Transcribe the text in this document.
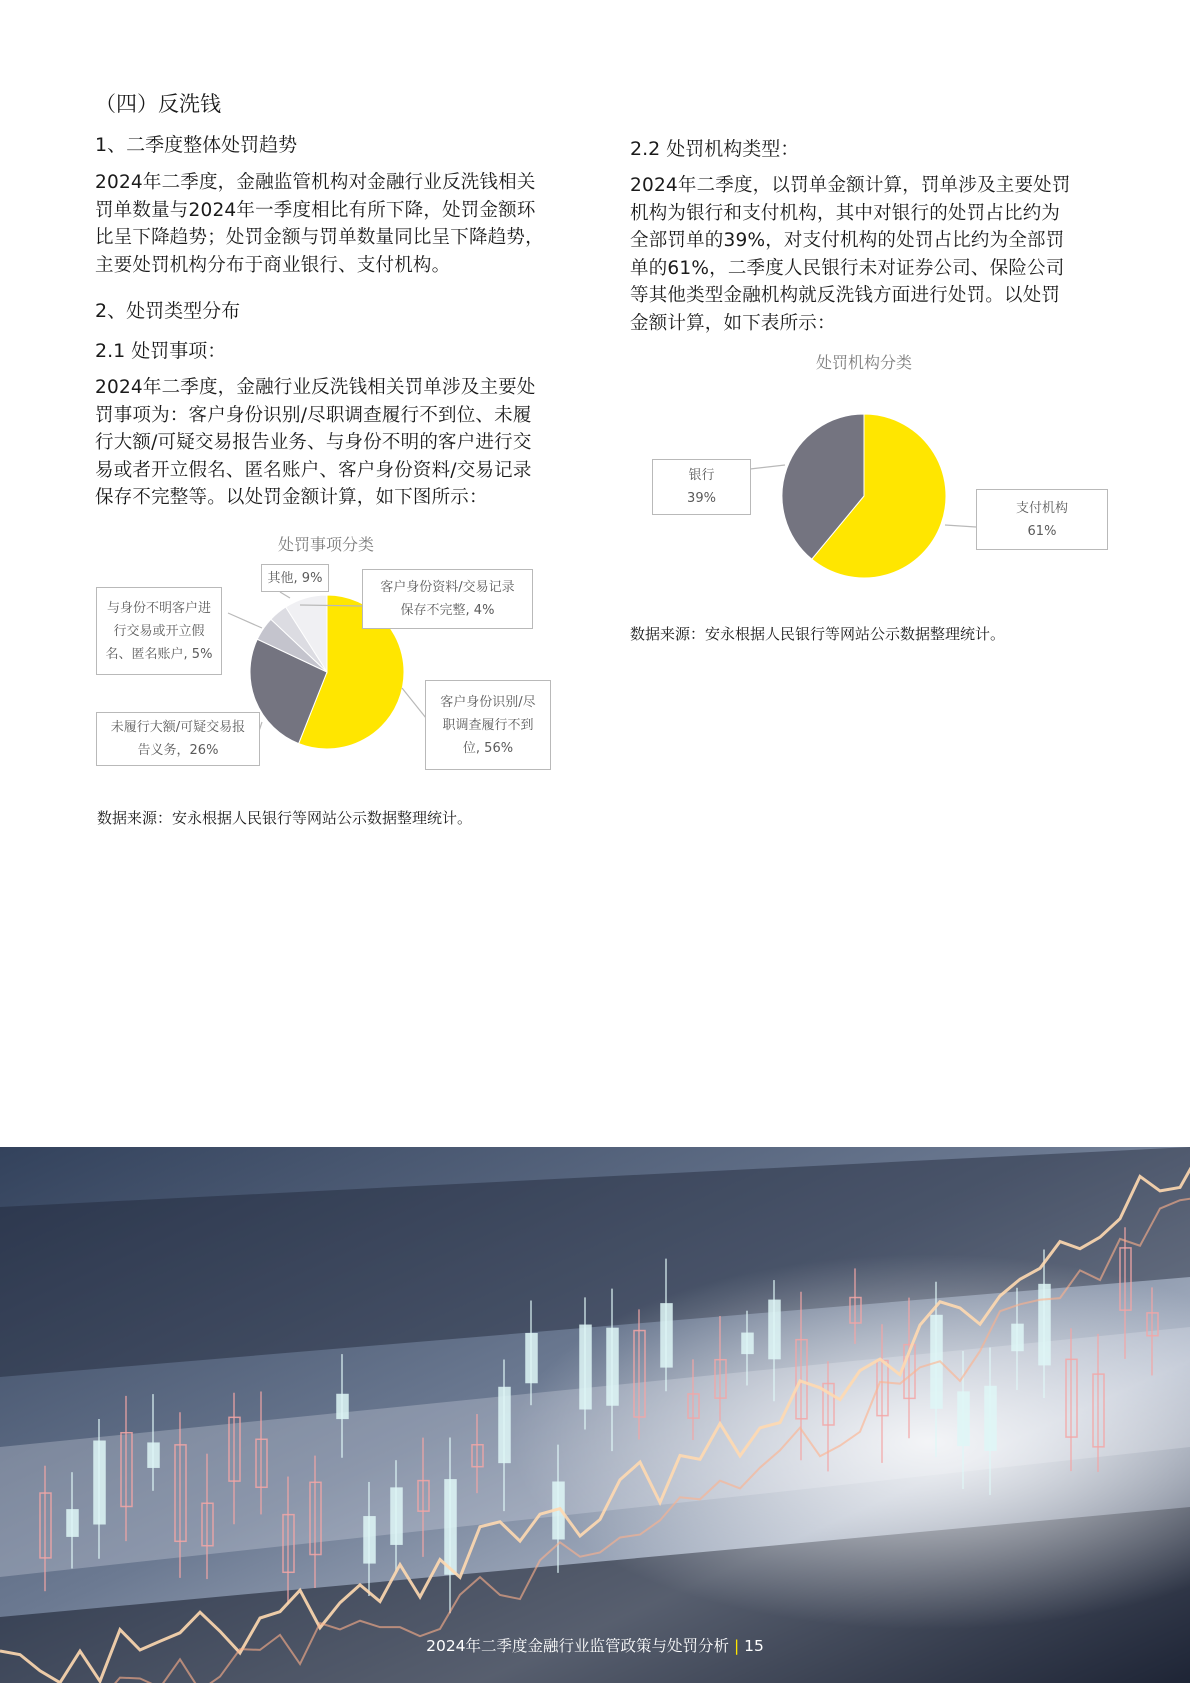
（四）反洗钱
1、二季度整体处罚趋势
2024年二季度，金融监管机构对金融行业反洗钱相关
罚单数量与2024年一季度相比有所下降，处罚金额环
比呈下降趋势；处罚金额与罚单数量同比呈下降趋势，
主要处罚机构分布于商业银行、支付机构。
2、处罚类型分布
2.1 处罚事项：
2024年二季度，金融行业反洗钱相关罚单涉及主要处
罚事项为：客户身份识别/尽职调查履行不到位、未履
行大额/可疑交易报告业务、与身份不明的客户进行交
易或者开立假名、匿名账户、客户身份资料/交易记录
保存不完整等。以处罚金额计算，如下图所示：
处罚事项分类
客户身份识别/尽
职调查履行不到
位, 56%
未履行大额/可疑交易报
告义务，26%
与身份不明客户进
行交易或开立假
名、匿名账户, 5%
客户身份资料/交易记录
保存不完整, 4%
其他, 9%
数据来源：安永根据人民银行等网站公示数据整理统计。
2.2 处罚机构类型：
2024年二季度，以罚单金额计算，罚单涉及主要处罚
机构为银行和支付机构，其中对银行的处罚占比约为
全部罚单的39%，对支付机构的处罚占比约为全部罚
单的61%，二季度人民银行未对证券公司、保险公司
等其他类型金融机构就反洗钱方面进行处罚。以处罚
金额计算，如下表所示：
处罚机构分类
银行
39%
支付机构
61%
数据来源：安永根据人民银行等网站公示数据整理统计。
2024年二季度金融行业监管政策与处罚分析 | 15
